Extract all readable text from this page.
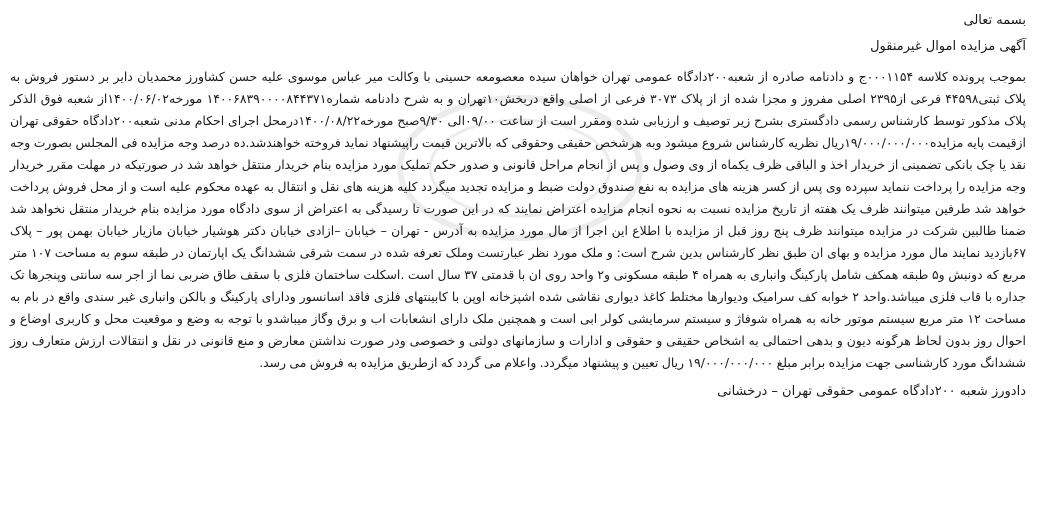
بسمه تعالی
آگهی مزایده اموال غیرمنقول
بموجب پرونده کلاسه ۰۰۰۱۱۵۴ج و دادنامه صادره از شعبه۲۰۰دادگاه عمومی تهران خواهان سیده معصومعه حسینی با وکالت میر عباس موسوی علیه حسن کشاورز محمدیان دایر بر دستور فروش به پلاک ثبتی۴۴۵۹۸ فرعی از۲۳۹۵ اصلی مفروز و مجزا شده از از پلاک ۳۰۷۳ فرعی از اصلی واقع دربخش۱۰تهران و به شرح دادنامه شماره۱۴۰۰۶۸۳۹۰۰۰۰۸۴۴۳۷۱ مورخه۱۴۰۰/۰۶/۰۲از شعبه فوق الذکر پلاک مذکور توسط کارشناس رسمی دادگستری بشرح زیر توصیف و ارزیابی شده ومقرر است از ساعت ۰۹/۰۰الی ۹/۳۰صبح مورخه۱۴۰۰/۰۸/۲۲درمحل اجرای احکام مدنی شعبه۲۰۰دادگاه حقوقی تهران ازقیمت پایه مزایده۱۹/۰۰۰/۰۰۰/۰۰۰ریال نظریه کارشناس شروع میشود وبه هرشخص حقیقی وحقوقی که بالاترین قیمت راپیشنهاد نماید فروخته خواهندشد.ده درصد وجه مزایده فی المجلس بصورت وجه نقد یا چک بانکی تضمینی از خریدار اخذ و الباقی ظرف یکماه از وی وصول و پس از انجام مراحل قانونی و صدور حکم تملیک مورد مزایده بنام خریدار منتقل خواهد شد در صورتیکه در مهلت مقرر خریدار وجه مزایده را پرداخت ننماید سپرده وی پس از کسر هزینه های مزایده به نفع صندوق دولت ضبط و مزایده تجدید میگردد کلیه هزینه های نقل و انتقال به عهده محکوم علیه است و از محل فروش پرداخت خواهد شد طرفین میتوانند ظرف یک هفته از تاریخ مزایده نسبت به نحوه انجام مزایده اعتراض نمایند که در این صورت تا رسیدگی به اعتراض از سوی دادگاه مورد مزایده بنام خریدار منتقل نخواهد شد ضمنا طالبین شرکت در مزایده میتوانند ظرف پنج روز قبل از مزایده با اطلاع این اجرا از مال مورد مزایده به آدرس - تهران – خیابان –ازادی خیابان دکتر هوشیار خیابان مازیار خیابان بهمن پور – پلاک ۶۷بازدید نمایند مال مورد مزایده و بهای ان طبق نظر کارشناس بدین شرح است: و ملک مورد نظر عبارتست وملک تعرفه شده در سمت شرقی ششدانگ یک اپارتمان در طبقه سوم به مساحت ۱۰۷ متر مربع که دونبش و۵ طبقه همکف شامل پارکینگ وانباری به همراه ۴ طبقه مسکونی و۲ واحد روی ان با قدمتی ۳۷ سال است .اسکلت ساختمان فلزی با سقف طاق ضربی نما از اجر سه سانتی وپنجرها تک جداره با قاب فلزی میباشد.واحد ۲ خوابه کف سرامیک ودیوارها مختلط کاغذ دیواری نقاشی شده اشپزخانه اوپن با کابینتهای فلزی فاقد اسانسور ودارای پارکینگ و بالکن وانباری غیر سندی واقع در بام به مساحت ۱۲ متر مربع سیستم موتور خانه به همراه شوفاژ و سیستم سرمایشی کولر ابی است و همچنین ملک دارای انشعابات اب و برق وگاز میباشدو با توجه به وضع و موقعیت محل و کاربری اوضاع و احوال روز بدون لحاظ هرگونه دیون و بدهی احتمالی به اشخاص حقیقی و حقوقی و ادارات و سازمانهای دولتی و خصوصی ودر صورت نداشتن معارض و منع قانونی در نقل و انتقالات ارزش متعارف روز ششدانگ مورد کارشناسی جهت مزایده برابر مبلغ ۱۹/۰۰۰/۰۰۰/۰۰۰ ریال تعیین و پیشنهاد میگردد. واعلام می گردد که ازطریق مزایده به فروش می رسد.
دادورز شعبه ۲۰۰دادگاه عمومی حقوقی تهران – درخشانی
